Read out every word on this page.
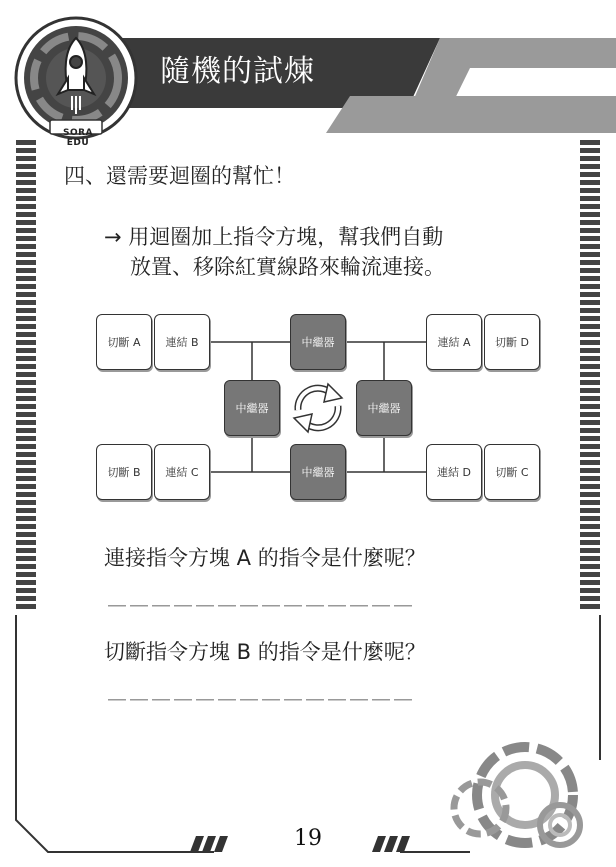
SORA EDU
隨機的試煉
四、還需要迴圈的幫忙！
→ 用迴圈加上指令方塊，幫我們自動
放置、移除紅實線路來輪流連接。
切斷 A	連結 B	連結 A	切斷 D
切斷 B	連結 C	連結 D	切斷 C
中繼器
中繼器	中繼器
中繼器
連接指令方塊 A 的指令是什麼呢？
＿＿＿＿＿＿＿＿＿＿＿＿＿＿
切斷指令方塊 B 的指令是什麼呢？
＿＿＿＿＿＿＿＿＿＿＿＿＿＿
19
